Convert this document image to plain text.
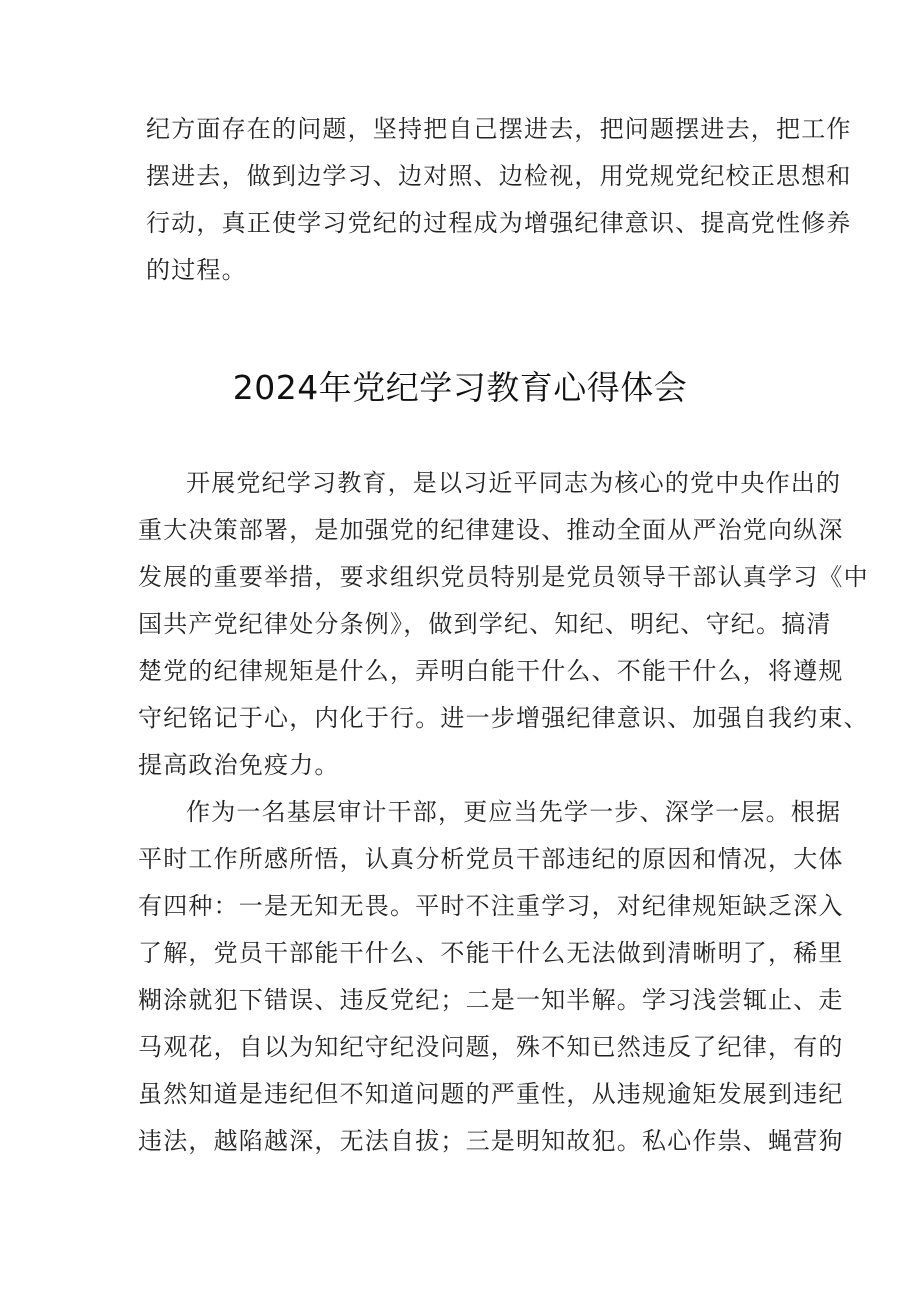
纪方面存在的问题，坚持把自己摆进去，把问题摆进去，把工作
摆进去，做到边学习、边对照、边检视，用党规党纪校正思想和
行动，真正使学习党纪的过程成为增强纪律意识、提高党性修养
的过程。
2024年党纪学习教育心得体会
开展党纪学习教育，是以习近平同志为核心的党中央作出的
重大决策部署，是加强党的纪律建设、推动全面从严治党向纵深
发展的重要举措，要求组织党员特别是党员领导干部认真学习《中
国共产党纪律处分条例》，做到学纪、知纪、明纪、守纪。搞清
楚党的纪律规矩是什么，弄明白能干什么、不能干什么，将遵规
守纪铭记于心，内化于行。进一步增强纪律意识、加强自我约束、
提高政治免疫力。
作为一名基层审计干部，更应当先学一步、深学一层。根据
平时工作所感所悟，认真分析党员干部违纪的原因和情况，大体
有四种：一是无知无畏。平时不注重学习，对纪律规矩缺乏深入
了解，党员干部能干什么、不能干什么无法做到清晰明了，稀里
糊涂就犯下错误、违反党纪；二是一知半解。学习浅尝辄止、走
马观花，自以为知纪守纪没问题，殊不知已然违反了纪律，有的
虽然知道是违纪但不知道问题的严重性，从违规逾矩发展到违纪
违法，越陷越深，无法自拔；三是明知故犯。私心作祟、蝇营狗
